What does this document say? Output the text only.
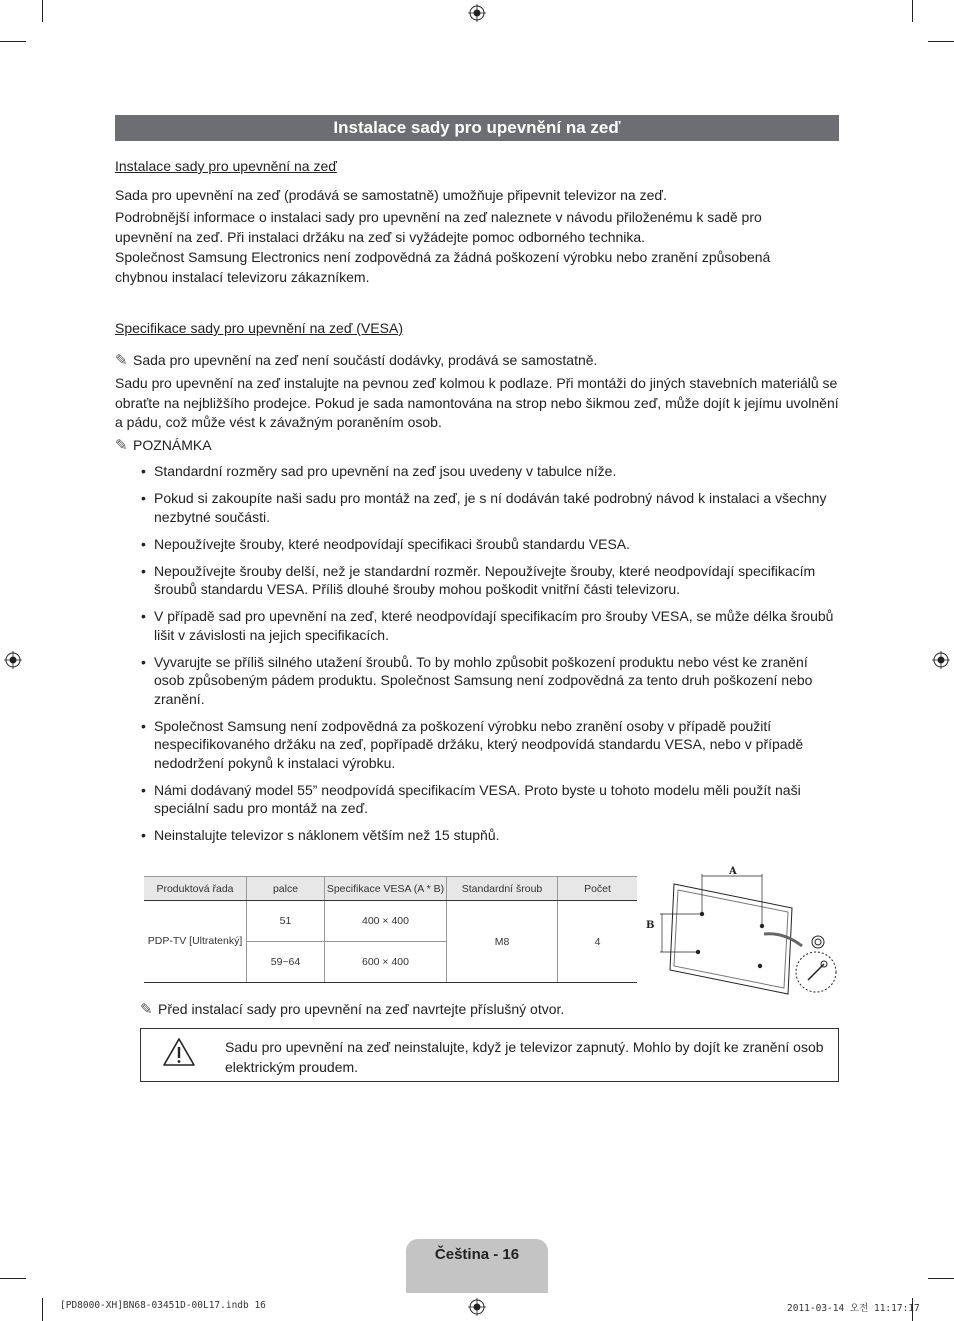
Instalace sady pro upevnění na zeď
Instalace sady pro upevnění na zeď
Sada pro upevnění na zeď (prodává se samostatně) umožňuje připevnit televizor na zeď.
Podrobnější informace o instalaci sady pro upevnění na zeď naleznete v návodu přiloženému k sadě pro upevnění na zeď. Při instalaci držáku na zeď si vyžádejte pomoc odborného technika.
Společnost Samsung Electronics není zodpovědná za žádná poškození výrobku nebo zranění způsobená chybnou instalací televizoru zákazníkem.
Specifikace sady pro upevnění na zeď (VESA)
✎ Sada pro upevnění na zeď není součástí dodávky, prodává se samostatně.
Sadu pro upevnění na zeď instalujte na pevnou zeď kolmou k podlaze. Při montáži do jiných stavebních materiálů se obraťte na nejbližšího prodejce. Pokud je sada namontována na strop nebo šikmou zeď, může dojít k jejímu uvolnění a pádu, což může vést k závažným poraněním osob.
✎ POZNÁMKA
• Standardní rozměry sad pro upevnění na zeď jsou uvedeny v tabulce níže.
• Pokud si zakoupíte naši sadu pro montáž na zeď, je s ní dodáván také podrobný návod k instalaci a všechny nezbytné součásti.
• Nepoužívejte šrouby, které neodpovídají specifikaci šroubů standardu VESA.
• Nepoužívejte šrouby delší, než je standardní rozměr. Nepoužívejte šrouby, které neodpovídají specifikacím šroubů standardu VESA. Příliš dlouhé šrouby mohou poškodit vnitřní části televizoru.
• V případě sad pro upevnění na zeď, které neodpovídají specifikacím pro šrouby VESA, se může délka šroubů lišit v závislosti na jejich specifikacích.
• Vyvarujte se příliš silného utažení šroubů. To by mohlo způsobit poškození produktu nebo vést ke zranění osob způsobeným pádem produktu. Společnost Samsung není zodpovědná za tento druh poškození nebo zranění.
• Společnost Samsung není zodpovědná za poškození výrobku nebo zranění osoby v případě použití nespecifikovaného držáku na zeď, popřípadě držáku, který neodpovídá standardu VESA, nebo v případě nedodržení pokynů k instalaci výrobku.
• Námi dodávaný model 55” neodpovídá specifikacím VESA. Proto byste u tohoto modelu měli použít naši speciální sadu pro montáž na zeď.
• Neinstalujte televizor s náklonem větším než 15 stupňů.
Produktová řada	palce	Specifikace VESA (A * B)	Standardní šroub	Počet
PDP-TV [Ultratenký]	51	400 × 400	M8	4
	59~64	600 × 400		
A
B
✎ Před instalací sady pro upevnění na zeď navrtejte příslušný otvor.
Sadu pro upevnění na zeď neinstalujte, když je televizor zapnutý. Mohlo by dojít ke zranění osob elektrickým proudem.
Čeština - 16
[PD8000-XH]BN68-03451D-00L17.indb 16	2011-03-14 오전 11:17:17
